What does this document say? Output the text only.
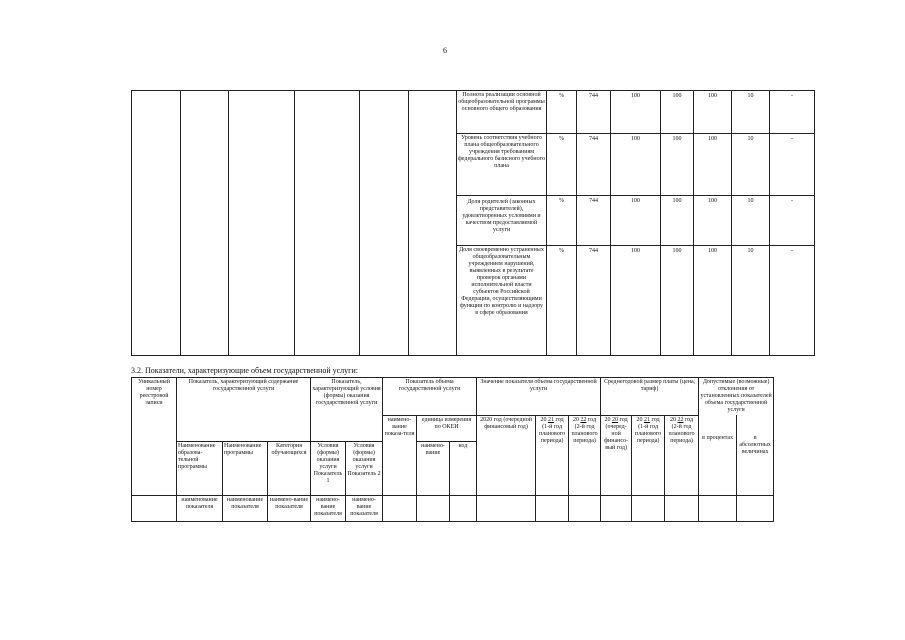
6
						Полнота реализации основной общеобразовательной программы основного общего образования	%	744	100	100	100	10	-
						Уровень соответствия учебного плана общеобразовательного учреждения требованиям федерального базисного учебного плана	%	744	100	100	100	10	-
						Доля родителей (законных представителей), удовлетворенных условиями и качеством предоставляемой услуги	%	744	100	100	100	10	-
						Доля своевременно устраненных общеобразовательным учреждением нарушений, выявленных в результате проверок органами исполнительной власти субъектов Российской Федерации, осуществляющими функции по контролю и надзору в сфере образования	%	744	100	100	100	10	-
3.2. Показатели, характеризующие объем государственной услуги:
Уникальный номер реестровой записи	Показатель, характеризующий содержание государственной услуги			Показатель, характеризующий условия (формы) оказания государственной услуги		Показатель объема государственной услуги			Значение показателя объема государственной услуги			Среднегодовой размер платы (цена, тариф)			Допустимые (возможные) отклонения от установленных показателей объема государственной услуги	
						наимено-вание показа-теля	единица измерения по ОКЕИ		2020 год (очередной финансовый год)	20 21 год (1-й год планового периода)	20 22 год (2-й год планового периода)	20 20 год (очеред-ной финансо-вый год)	20 21 год (1-й год планового периода)	20 22 год (2-й год планового периода)	в процентах	в абсолютных величинах
	Наименование образова-тельной программы	Наименование программы	Категория обучающихся	Условия (формы) оказания услуги Показатель 1	Условия (формы) оказания услуги Показатель 2		наимено-вание	код								

	наименование показателя	наименование показателя	наимено-вание показателя	наимено-вание показателя	наимено-вание показателя											
